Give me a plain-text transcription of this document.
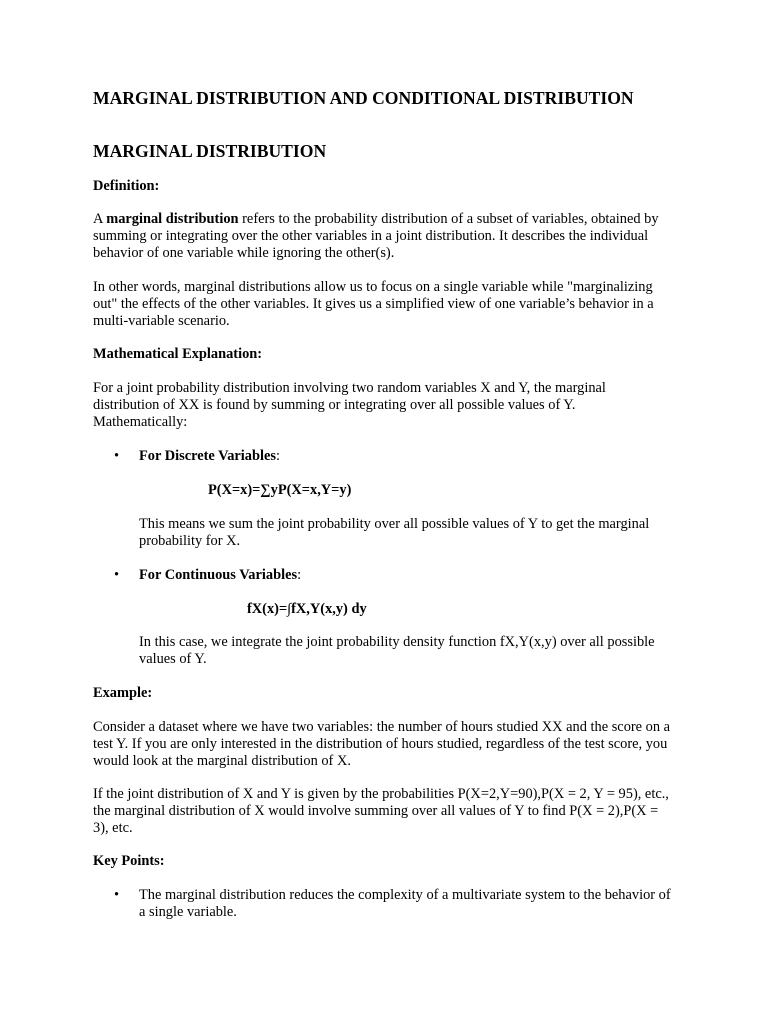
MARGINAL DISTRIBUTION AND CONDITIONAL DISTRIBUTION
MARGINAL DISTRIBUTION
Definition:

A marginal distribution refers to the probability distribution of a subset of variables, obtained by summing or integrating over the other variables in a joint distribution. It describes the individual behavior of one variable while ignoring the other(s).

In other words, marginal distributions allow us to focus on a single variable while "marginalizing out" the effects of the other variables. It gives us a simplified view of one variable’s behavior in a multi-variable scenario.

Mathematical Explanation:

For a joint probability distribution involving two random variables X and Y, the marginal distribution of XX is found by summing or integrating over all possible values of Y. Mathematically:

• For Discrete Variables:
P(X=x)=∑yP(X=x,Y=y)

This means we sum the joint probability over all possible values of Y to get the marginal probability for X.

• For Continuous Variables:
fX(x)=∫fX,Y(x,y) dy

In this case, we integrate the joint probability density function fX,Y(x,y) over all possible values of Y.

Example:

Consider a dataset where we have two variables: the number of hours studied XX and the score on a test Y. If you are only interested in the distribution of hours studied, regardless of the test score, you would look at the marginal distribution of X.

If the joint distribution of X and Y is given by the probabilities P(X=2,Y=90),P(X = 2, Y = 95), etc., the marginal distribution of X would involve summing over all values of Y to find P(X = 2),P(X = 3), etc.

Key Points:
• The marginal distribution reduces the complexity of a multivariate system to the behavior of a single variable.
